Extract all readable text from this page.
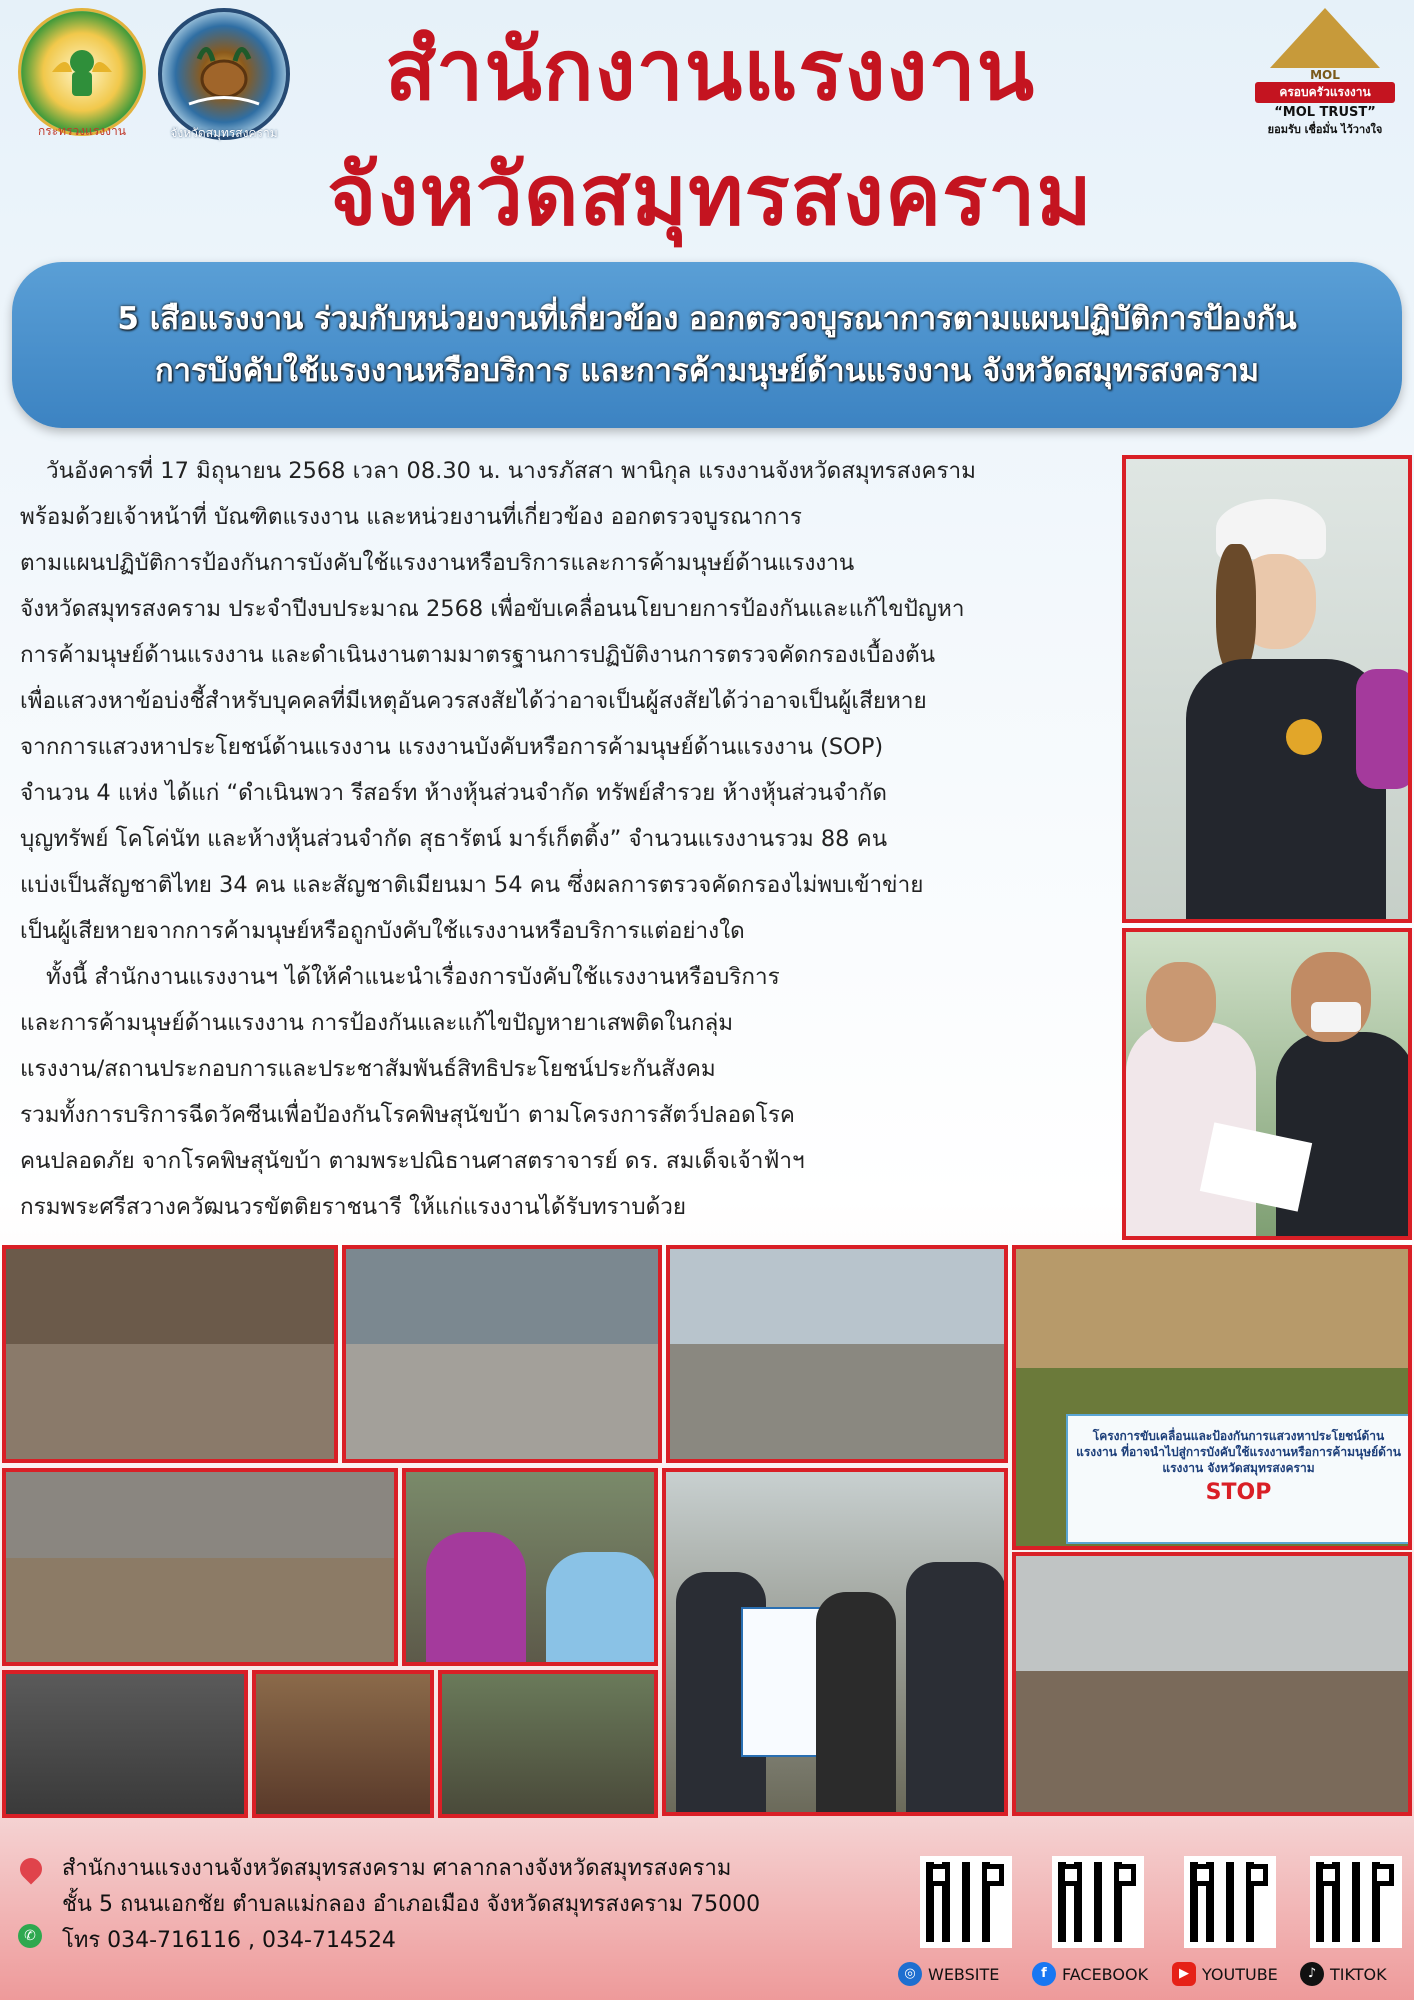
กระทรวงแรงงาน	จังหวัดสมุทรสงคราม
สำนักงานแรงงาน
จังหวัดสมุทรสงคราม
MOL
ครอบครัวแรงงาน
“MOL TRUST”
ยอมรับ เชื่อมั่น ไว้วางใจ
5 เสือแรงงาน ร่วมกับหน่วยงานที่เกี่ยวข้อง ออกตรวจบูรณาการตามแผนปฏิบัติการป้องกัน
การบังคับใช้แรงงานหรือบริการ และการค้ามนุษย์ด้านแรงงาน จังหวัดสมุทรสงคราม

วันอังคารที่ 17 มิถุนายน 2568 เวลา 08.30 น. นางรภัสสา พานิกุล แรงงานจังหวัดสมุทรสงคราม

พร้อมด้วยเจ้าหน้าที่ บัณฑิตแรงงาน และหน่วยงานที่เกี่ยวข้อง ออกตรวจบูรณาการ

ตามแผนปฏิบัติการป้องกันการบังคับใช้แรงงานหรือบริการและการค้ามนุษย์ด้านแรงงาน

จังหวัดสมุทรสงคราม ประจำปีงบประมาณ 2568 เพื่อขับเคลื่อนนโยบายการป้องกันและแก้ไขปัญหา

การค้ามนุษย์ด้านแรงงาน และดำเนินงานตามมาตรฐานการปฏิบัติงานการตรวจคัดกรองเบื้องต้น

เพื่อแสวงหาข้อบ่งชี้สำหรับบุคคลที่มีเหตุอันควรสงสัยได้ว่าอาจเป็นผู้สงสัยได้ว่าอาจเป็นผู้เสียหาย

จากการแสวงหาประโยชน์ด้านแรงงาน แรงงานบังคับหรือการค้ามนุษย์ด้านแรงงาน (SOP)

จำนวน 4 แห่ง ได้แก่ “ดำเนินพวา รีสอร์ท ห้างหุ้นส่วนจำกัด ทรัพย์สำรวย ห้างหุ้นส่วนจำกัด

บุญทรัพย์ โคโค่นัท และห้างหุ้นส่วนจำกัด สุธารัตน์ มาร์เก็ตติ้ง” จำนวนแรงงานรวม 88 คน

แบ่งเป็นสัญชาติไทย 34 คน และสัญชาติเมียนมา 54 คน ซึ่งผลการตรวจคัดกรองไม่พบเข้าข่าย

เป็นผู้เสียหายจากการค้ามนุษย์หรือถูกบังคับใช้แรงงานหรือบริการแต่อย่างใด

ทั้งนี้ สำนักงานแรงงานฯ ได้ให้คำแนะนำเรื่องการบังคับใช้แรงงานหรือบริการ

และการค้ามนุษย์ด้านแรงงาน การป้องกันและแก้ไขปัญหายาเสพติดในกลุ่ม

แรงงาน/สถานประกอบการและประชาสัมพันธ์สิทธิประโยชน์ประกันสังคม

รวมทั้งการบริการฉีดวัคซีนเพื่อป้องกันโรคพิษสุนัขบ้า ตามโครงการสัตว์ปลอดโรค

คนปลอดภัย จากโรคพิษสุนัขบ้า ตามพระปณิธานศาสตราจารย์ ดร. สมเด็จเจ้าฟ้าฯ

กรมพระศรีสวางควัฒนวรขัตติยราชนารี ให้แก่แรงงานได้รับทราบด้วย

โครงการขับเคลื่อนและป้องกันการแสวงหาประโยชน์ด้านแรงงาน ที่อาจนำไปสู่การบังคับใช้แรงงานหรือการค้ามนุษย์ด้านแรงงาน จังหวัดสมุทรสงคราม
STOP
สำนักงานแรงงานจังหวัดสมุทรสงคราม ศาลากลางจังหวัดสมุทรสงคราม
ชั้น 5 ถนนเอกชัย ตำบลแม่กลอง อำเภอเมือง จังหวัดสมุทรสงคราม 75000
✆ โทร 034-716116 , 034-714524
◎ WEBSITE	f FACEBOOK	▶ YOUTUBE	♪ TIKTOK
